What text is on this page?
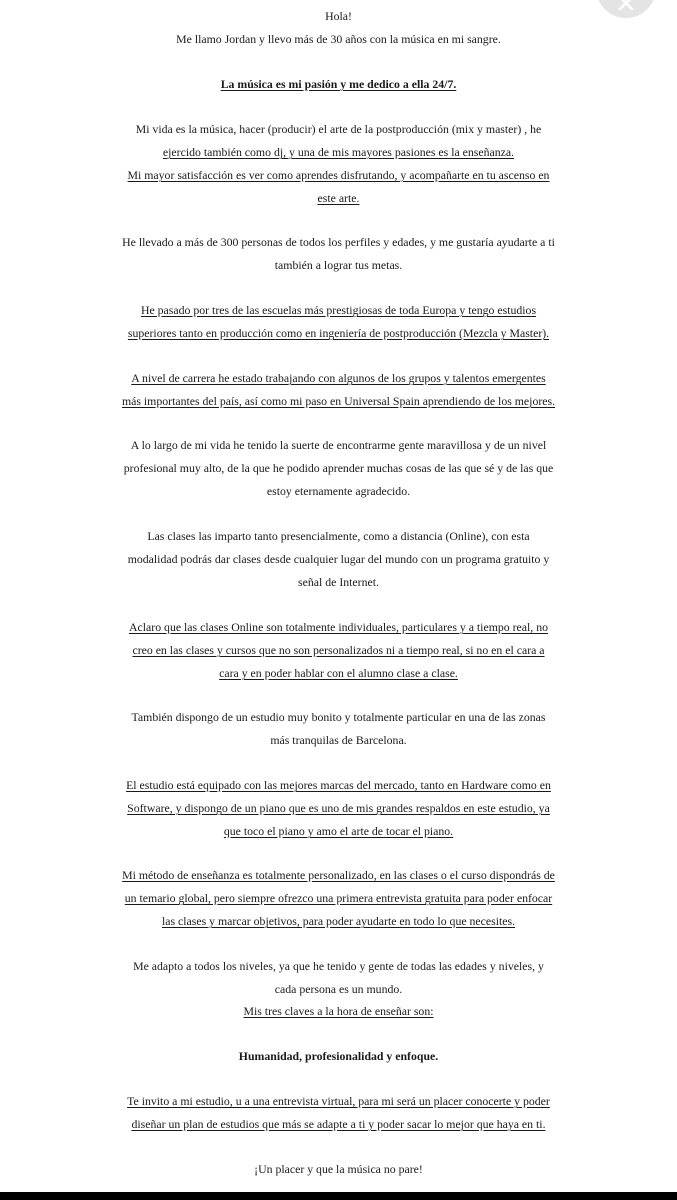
Hola!
Me llamo Jordan y llevo más de 30 años con la música en mi sangre.
La música es mi pasión y me dedico a ella 24/7.
Mi vida es la música, hacer (producir) el arte de la postproducción (mix y master) , he
ejercido también como dj, y una de mis mayores pasiones es la enseñanza.
Mi mayor satisfacción es ver como aprendes disfrutando, y acompañarte en tu ascenso en
este arte.
He llevado a más de 300 personas de todos los perfiles y edades, y me gustaría ayudarte a ti
también a lograr tus metas.
He pasado por tres de las escuelas más prestigiosas de toda Europa y tengo estudios
superiores tanto en producción como en ingeniería de postproducción (Mezcla y Master).
A nivel de carrera he estado trabajando con algunos de los grupos y talentos emergentes
más importantes del país, así como mi paso en Universal Spain aprendiendo de los mejores.
A lo largo de mi vida he tenido la suerte de encontrarme gente maravillosa y de un nivel
profesional muy alto, de la que he podido aprender muchas cosas de las que sé y de las que
estoy eternamente agradecido.
Las clases las imparto tanto presencialmente, como a distancia (Online), con esta
modalidad podrás dar clases desde cualquier lugar del mundo con un programa gratuito y
señal de Internet.
Aclaro que las clases Online son totalmente individuales, particulares y a tiempo real, no
creo en las clases y cursos que no son personalizados ni a tiempo real, si no en el cara a
cara y en poder hablar con el alumno clase a clase.
También dispongo de un estudio muy bonito y totalmente particular en una de las zonas
más tranquilas de Barcelona.
El estudio está equipado con las mejores marcas del mercado, tanto en Hardware como en
Software, y dispongo de un piano que es uno de mis grandes respaldos en este estudio, ya
que toco el piano y amo el arte de tocar el piano.
Mi método de enseñanza es totalmente personalizado, en las clases o el curso dispondrás de
un temario global, pero siempre ofrezco una primera entrevista gratuita para poder enfocar
las clases y marcar objetivos, para poder ayudarte en todo lo que necesites.
Me adapto a todos los niveles, ya que he tenido y gente de todas las edades y niveles, y
cada persona es un mundo.
Mis tres claves a la hora de enseñar son:
Humanidad, profesionalidad y enfoque.
Te invito a mi estudio, u a una entrevista virtual, para mi será un placer conocerte y poder
diseñar un plan de estudios que más se adapte a ti y poder sacar lo mejor que haya en ti.
¡Un placer y que la música no pare!
